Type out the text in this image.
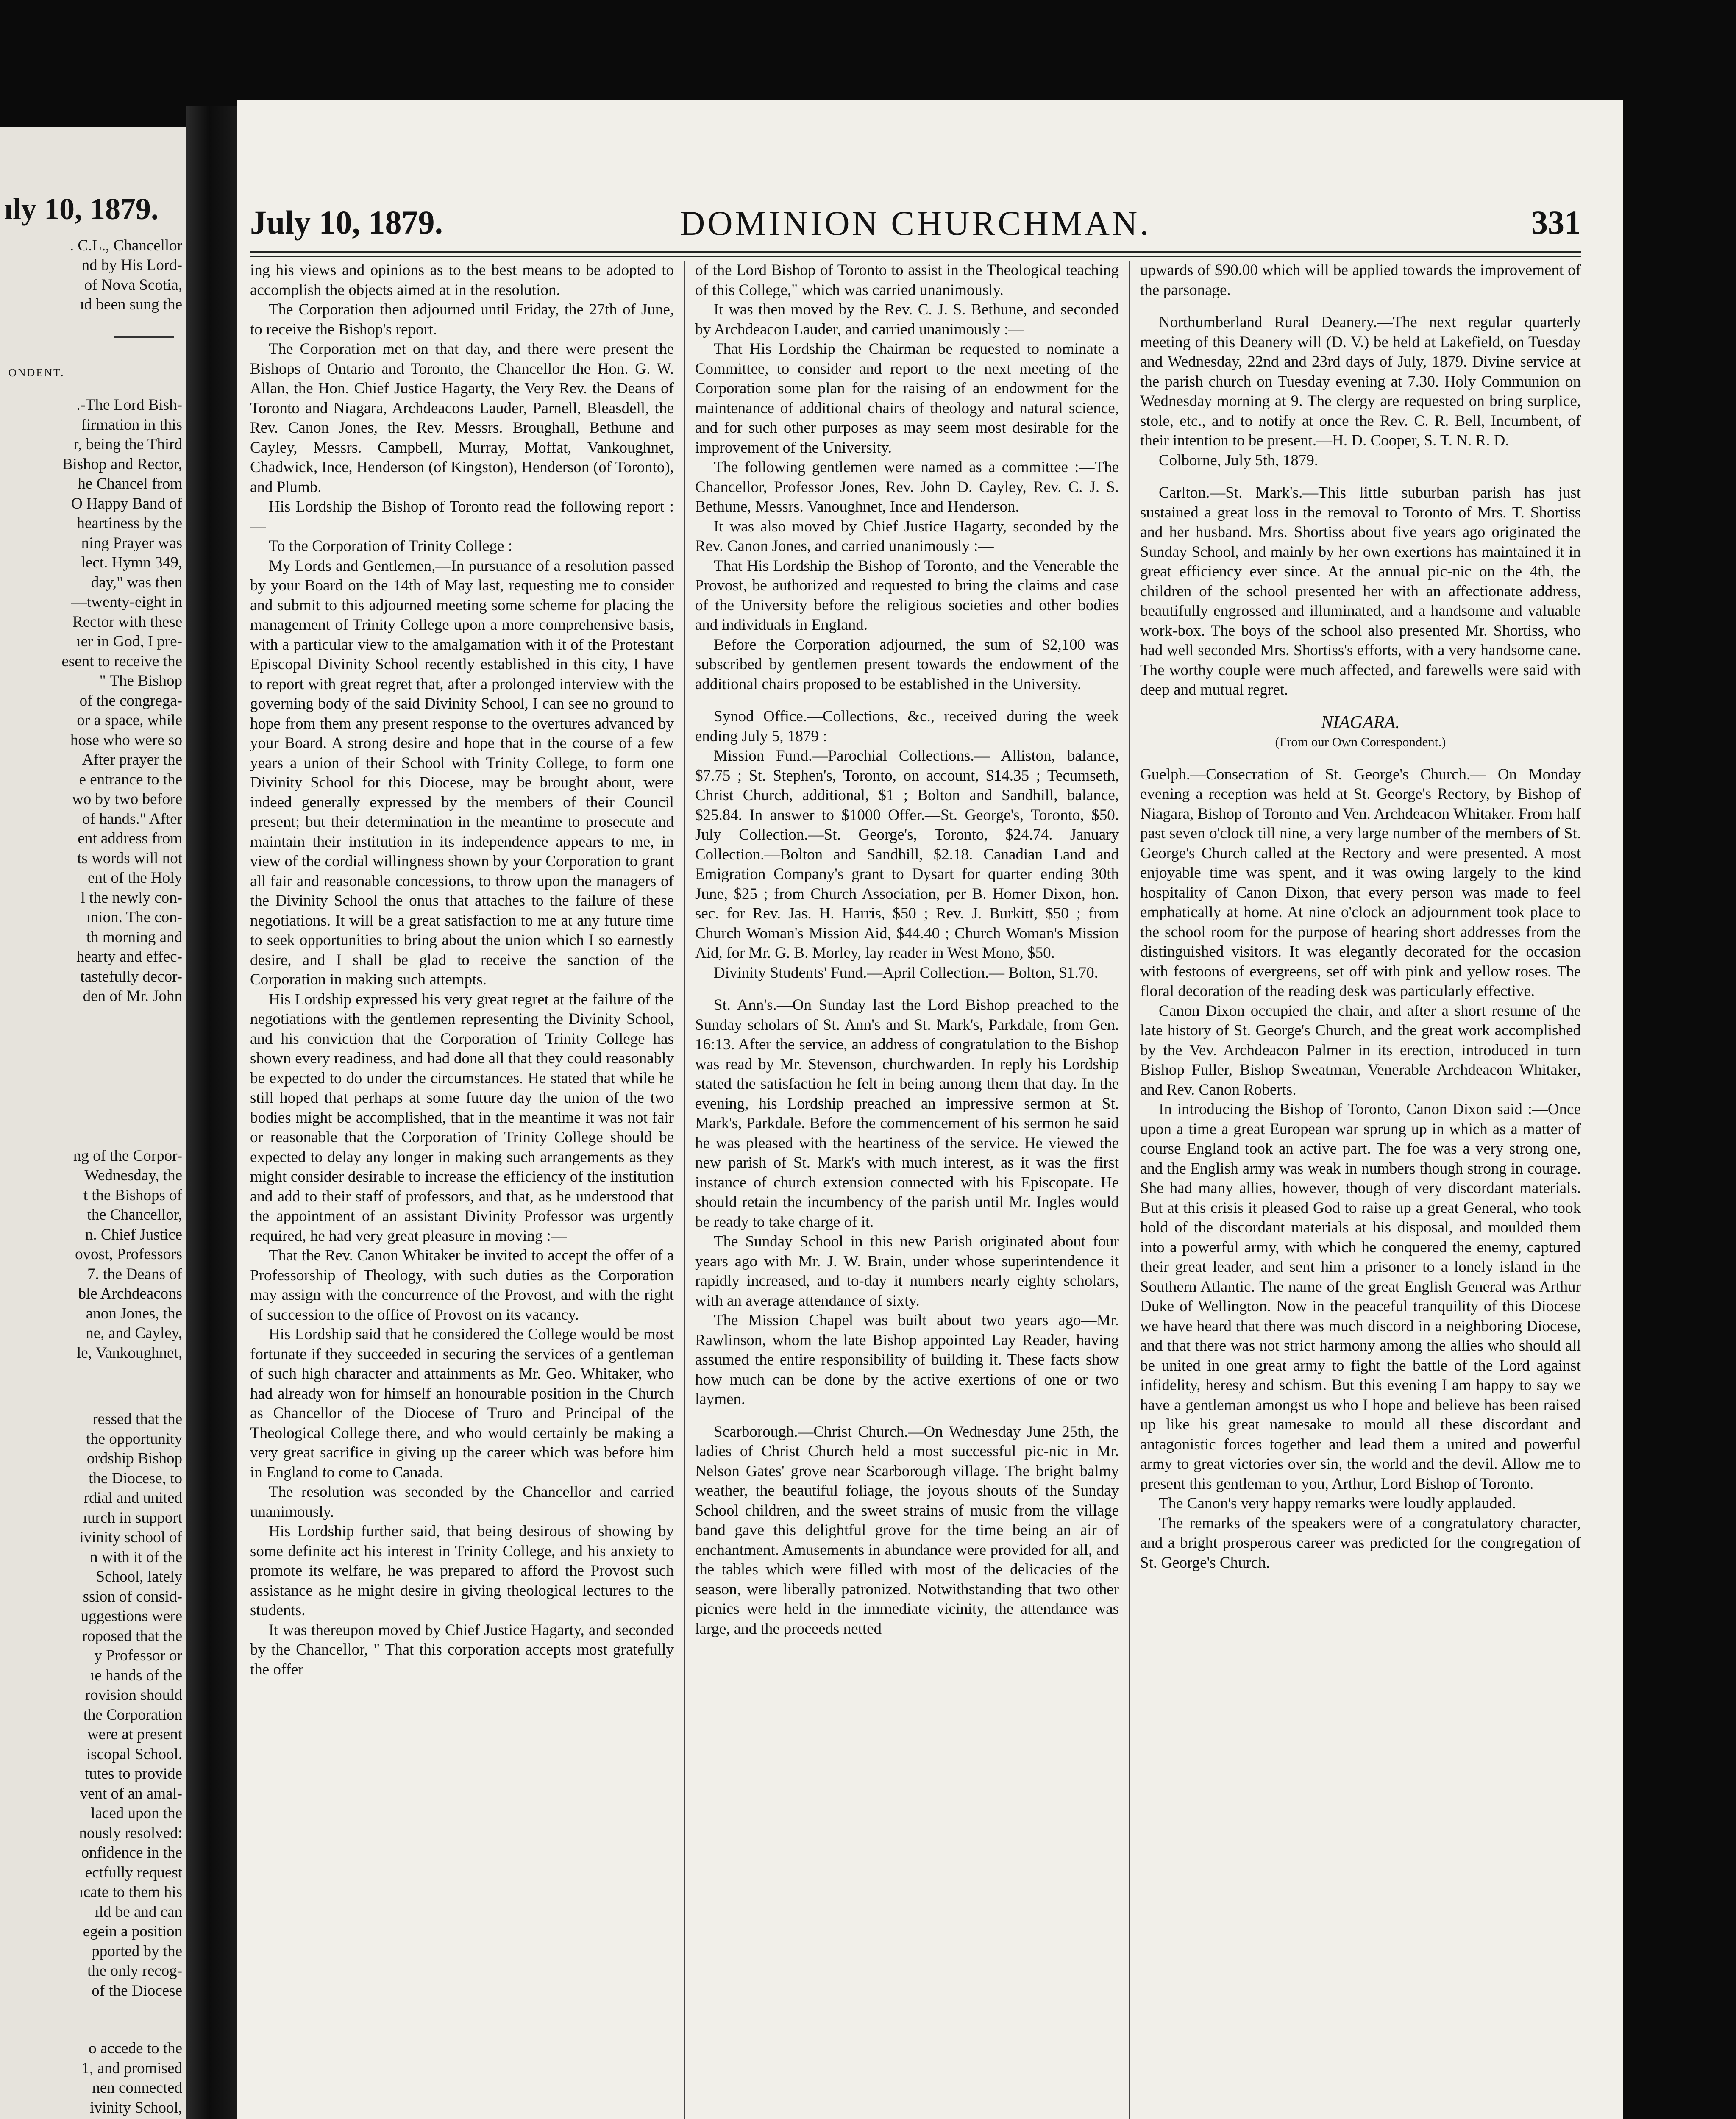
ıly 10, 1879.
. C.L., Chancellor
nd by His Lord-
of Nova Scotia,
ıd been sung the
ONDENT.
.-The Lord Bish-
firmation in this
r, being the Third
Bishop and Rector,
he Chancel from
O Happy Band of
heartiness by the
ning Prayer was
lect. Hymn 349,
day," was then
—twenty-eight in
Rector with these
ıer in God, I pre-
esent to receive the
" The Bishop
of the congrega-
or a space, while
hose who were so
After prayer the
e entrance to the
wo by two before
of hands." After
ent address from
ts words will not
ent of the Holy
l the newly con-
ınion. The con-
th morning and
hearty and effec-
tastefully decor-
den of Mr. John
ng of the Corpor-
Wednesday, the
t the Bishops of
the Chancellor,
n. Chief Justice
ovost, Professors
7. the Deans of
ble Archdeacons
anon Jones, the
ne, and Cayley,
le, Vankoughnet,
ressed that the
the opportunity
ordship Bishop
the Diocese, to
rdial and united
ıurch in support
ivinity school of
n with it of the
School, lately
ssion of consid-
uggestions were
roposed that the
y Professor or
ıe hands of the
rovision should
the Corporation
were at present
iscopal School.
tutes to provide
vent of an amal-
laced upon the
nously resolved:
onfidence in the
ectfully request
ıcate to them his
ıld be and can
egein a position
pported by the
the only recog-
of the Diocese
o accede to the
1, and promised
nen connected
ivinity School,
July 10, 1879.	DOMINION CHURCHMAN.	331

ing his views and opinions as to the best means to be adopted to accomplish the objects aimed at in the resolution.

The Corporation then adjourned until Friday, the 27th of June, to receive the Bishop's report.

The Corporation met on that day, and there were present the Bishops of Ontario and Toronto, the Chancellor the Hon. G. W. Allan, the Hon. Chief Justice Hagarty, the Very Rev. the Deans of Toronto and Niagara, Archdeacons Lauder, Parnell, Bleasdell, the Rev. Canon Jones, the Rev. Messrs. Broughall, Bethune and Cayley, Messrs. Campbell, Murray, Moffat, Vankoughnet, Chadwick, Ince, Henderson (of Kingston), Henderson (of Toronto), and Plumb.

His Lordship the Bishop of Toronto read the following report :—

To the Corporation of Trinity College :

My Lords and Gentlemen,—In pursuance of a resolution passed by your Board on the 14th of May last, requesting me to consider and submit to this adjourned meeting some scheme for placing the management of Trinity College upon a more comprehensive basis, with a particular view to the amalgamation with it of the Protestant Episcopal Divinity School recently established in this city, I have to report with great regret that, after a prolonged interview with the governing body of the said Divinity School, I can see no ground to hope from them any present response to the overtures advanced by your Board. A strong desire and hope that in the course of a few years a union of their School with Trinity College, to form one Divinity School for this Diocese, may be brought about, were indeed generally expressed by the members of their Council present; but their determination in the meantime to prosecute and maintain their institution in its independence appears to me, in view of the cordial willingness shown by your Corporation to grant all fair and reasonable concessions, to throw upon the managers of the Divinity School the onus that attaches to the failure of these negotiations. It will be a great satisfaction to me at any future time to seek opportunities to bring about the union which I so earnestly desire, and I shall be glad to receive the sanction of the Corporation in making such attempts.

His Lordship expressed his very great regret at the failure of the negotiations with the gentlemen representing the Divinity School, and his conviction that the Corporation of Trinity College has shown every readiness, and had done all that they could reasonably be expected to do under the circumstances. He stated that while he still hoped that perhaps at some future day the union of the two bodies might be accomplished, that in the meantime it was not fair or reasonable that the Corporation of Trinity College should be expected to delay any longer in making such arrangements as they might consider desirable to increase the efficiency of the institution and add to their staff of professors, and that, as he understood that the appointment of an assistant Divinity Professor was urgently required, he had very great pleasure in moving :—

That the Rev. Canon Whitaker be invited to accept the offer of a Professorship of Theology, with such duties as the Corporation may assign with the concurrence of the Provost, and with the right of succession to the office of Provost on its vacancy.

His Lordship said that he considered the College would be most fortunate if they succeeded in securing the services of a gentleman of such high character and attainments as Mr. Geo. Whitaker, who had already won for himself an honourable position in the Church as Chancellor of the Diocese of Truro and Principal of the Theological College there, and who would certainly be making a very great sacrifice in giving up the career which was before him in England to come to Canada.

The resolution was seconded by the Chancellor and carried unanimously.

His Lordship further said, that being desirous of showing by some definite act his interest in Trinity College, and his anxiety to promote its welfare, he was prepared to afford the Provost such assistance as he might desire in giving theological lectures to the students.

It was thereupon moved by Chief Justice Hagarty, and seconded by the Chancellor, " That this corporation accepts most gratefully the offer

of the Lord Bishop of Toronto to assist in the Theological teaching of this College," which was carried unanimously.

It was then moved by the Rev. C. J. S. Bethune, and seconded by Archdeacon Lauder, and carried unanimously :—

That His Lordship the Chairman be requested to nominate a Committee, to consider and report to the next meeting of the Corporation some plan for the raising of an endowment for the maintenance of additional chairs of theology and natural science, and for such other purposes as may seem most desirable for the improvement of the University.

The following gentlemen were named as a committee :—The Chancellor, Professor Jones, Rev. John D. Cayley, Rev. C. J. S. Bethune, Messrs. Vanoughnet, Ince and Henderson.

It was also moved by Chief Justice Hagarty, seconded by the Rev. Canon Jones, and carried unanimously :—

That His Lordship the Bishop of Toronto, and the Venerable the Provost, be authorized and requested to bring the claims and case of the University before the religious societies and other bodies and individuals in England.

Before the Corporation adjourned, the sum of $2,100 was subscribed by gentlemen present towards the endowment of the additional chairs proposed to be established in the University.

Synod Office.—Collections, &c., received during the week ending July 5, 1879 :

Mission Fund.—Parochial Collections.— Alliston, balance, $7.75 ; St. Stephen's, Toronto, on account, $14.35 ; Tecumseth, Christ Church, additional, $1 ; Bolton and Sandhill, balance, $25.84. In answer to $1000 Offer.—St. George's, Toronto, $50. July Collection.—St. George's, Toronto, $24.74. January Collection.—Bolton and Sandhill, $2.18. Canadian Land and Emigration Company's grant to Dysart for quarter ending 30th June, $25 ; from Church Association, per B. Homer Dixon, hon. sec. for Rev. Jas. H. Harris, $50 ; Rev. J. Burkitt, $50 ; from Church Woman's Mission Aid, $44.40 ; Church Woman's Mission Aid, for Mr. G. B. Morley, lay reader in West Mono, $50.

Divinity Students' Fund.—April Collection.— Bolton, $1.70.

St. Ann's.—On Sunday last the Lord Bishop preached to the Sunday scholars of St. Ann's and St. Mark's, Parkdale, from Gen. 16:13. After the service, an address of congratulation to the Bishop was read by Mr. Stevenson, churchwarden. In reply his Lordship stated the satisfaction he felt in being among them that day. In the evening, his Lordship preached an impressive sermon at St. Mark's, Parkdale. Before the commencement of his sermon he said he was pleased with the heartiness of the service. He viewed the new parish of St. Mark's with much interest, as it was the first instance of church extension connected with his Episcopate. He should retain the incumbency of the parish until Mr. Ingles would be ready to take charge of it.

The Sunday School in this new Parish originated about four years ago with Mr. J. W. Brain, under whose superintendence it rapidly increased, and to-day it numbers nearly eighty scholars, with an average attendance of sixty.

The Mission Chapel was built about two years ago—Mr. Rawlinson, whom the late Bishop appointed Lay Reader, having assumed the entire responsibility of building it. These facts show how much can be done by the active exertions of one or two laymen.

Scarborough.—Christ Church.—On Wednesday June 25th, the ladies of Christ Church held a most successful pic-nic in Mr. Nelson Gates' grove near Scarborough village. The bright balmy weather, the beautiful foliage, the joyous shouts of the Sunday School children, and the sweet strains of music from the village band gave this delightful grove for the time being an air of enchantment. Amusements in abundance were provided for all, and the tables which were filled with most of the delicacies of the season, were liberally patronized. Notwithstanding that two other picnics were held in the immediate vicinity, the attendance was large, and the proceeds netted

upwards of $90.00 which will be applied towards the improvement of the parsonage.

Northumberland Rural Deanery.—The next regular quarterly meeting of this Deanery will (D. V.) be held at Lakefield, on Tuesday and Wednesday, 22nd and 23rd days of July, 1879. Divine service at the parish church on Tuesday evening at 7.30. Holy Communion on Wednesday morning at 9. The clergy are requested on bring surplice, stole, etc., and to notify at once the Rev. C. R. Bell, Incumbent, of their intention to be present.—H. D. Cooper, S. T. N. R. D.

Colborne, July 5th, 1879.

Carlton.—St. Mark's.—This little suburban parish has just sustained a great loss in the removal to Toronto of Mrs. T. Shortiss and her husband. Mrs. Shortiss about five years ago originated the Sunday School, and mainly by her own exertions has maintained it in great efficiency ever since. At the annual pic-nic on the 4th, the children of the school presented her with an affectionate address, beautifully engrossed and illuminated, and a handsome and valuable work-box. The boys of the school also presented Mr. Shortiss, who had well seconded Mrs. Shortiss's efforts, with a very handsome cane. The worthy couple were much affected, and farewells were said with deep and mutual regret.

NIAGARA.

(From our Own Correspondent.)

Guelph.—Consecration of St. George's Church.— On Monday evening a reception was held at St. George's Rectory, by Bishop of Niagara, Bishop of Toronto and Ven. Archdeacon Whitaker. From half past seven o'clock till nine, a very large number of the members of St. George's Church called at the Rectory and were presented. A most enjoyable time was spent, and it was owing largely to the kind hospitality of Canon Dixon, that every person was made to feel emphatically at home. At nine o'clock an adjournment took place to the school room for the purpose of hearing short addresses from the distinguished visitors. It was elegantly decorated for the occasion with festoons of evergreens, set off with pink and yellow roses. The floral decoration of the reading desk was particularly effective.

Canon Dixon occupied the chair, and after a short resume of the late history of St. George's Church, and the great work accomplished by the Vev. Archdeacon Palmer in its erection, introduced in turn Bishop Fuller, Bishop Sweatman, Venerable Archdeacon Whitaker, and Rev. Canon Roberts.

In introducing the Bishop of Toronto, Canon Dixon said :—Once upon a time a great European war sprung up in which as a matter of course England took an active part. The foe was a very strong one, and the English army was weak in numbers though strong in courage. She had many allies, however, though of very discordant materials. But at this crisis it pleased God to raise up a great General, who took hold of the discordant materials at his disposal, and moulded them into a powerful army, with which he conquered the enemy, captured their great leader, and sent him a prisoner to a lonely island in the Southern Atlantic. The name of the great English General was Arthur Duke of Wellington. Now in the peaceful tranquility of this Diocese we have heard that there was much discord in a neighboring Diocese, and that there was not strict harmony among the allies who should all be united in one great army to fight the battle of the Lord against infidelity, heresy and schism. But this evening I am happy to say we have a gentleman amongst us who I hope and believe has been raised up like his great namesake to mould all these discordant and antagonistic forces together and lead them a united and powerful army to great victories over sin, the world and the devil. Allow me to present this gentleman to you, Arthur, Lord Bishop of Toronto.

The Canon's very happy remarks were loudly applauded.

The remarks of the speakers were of a congratulatory character, and a bright prosperous career was predicted for the congregation of St. George's Church.
